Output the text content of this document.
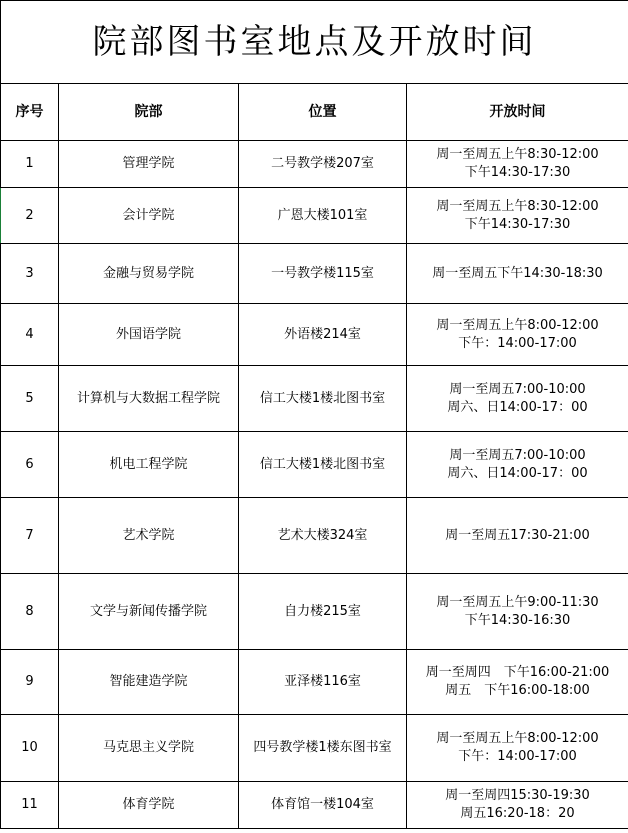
院部图书室地点及开放时间			
序号	院部	位置	开放时间
1	管理学院	二号教学楼207室	周一至周五上午8:30-12:00
下午14:30-17:30

2	会计学院	广恩大楼101室	周一至周五上午8:30-12:00
下午14:30-17:30

3	金融与贸易学院	一号教学楼115室	周一至周五下午14:30-18:30

4	外国语学院	外语楼214室	周一至周五上午8:00-12:00
下午：14:00-17:00

5	计算机与大数据工程学院	信工大楼1楼北图书室	周一至周五7:00-10:00
周六、日14:00-17：00

6	机电工程学院	信工大楼1楼北图书室	周一至周五7:00-10:00
周六、日14:00-17：00

7	艺术学院	艺术大楼324室	周一至周五17:30-21:00

8	文学与新闻传播学院	自力楼215室	周一至周五上午9:00-11:30
下午14:30-16:30

9	智能建造学院	亚泽楼116室	周一至周四　下午16:00-21:00
周五　下午16:00-18:00

10	马克思主义学院	四号教学楼1楼东图书室	周一至周五上午8:00-12:00
下午：14:00-17:00

11	体育学院	体育馆一楼104室	周一至周四15:30-19:30
周五16:20-18：20
